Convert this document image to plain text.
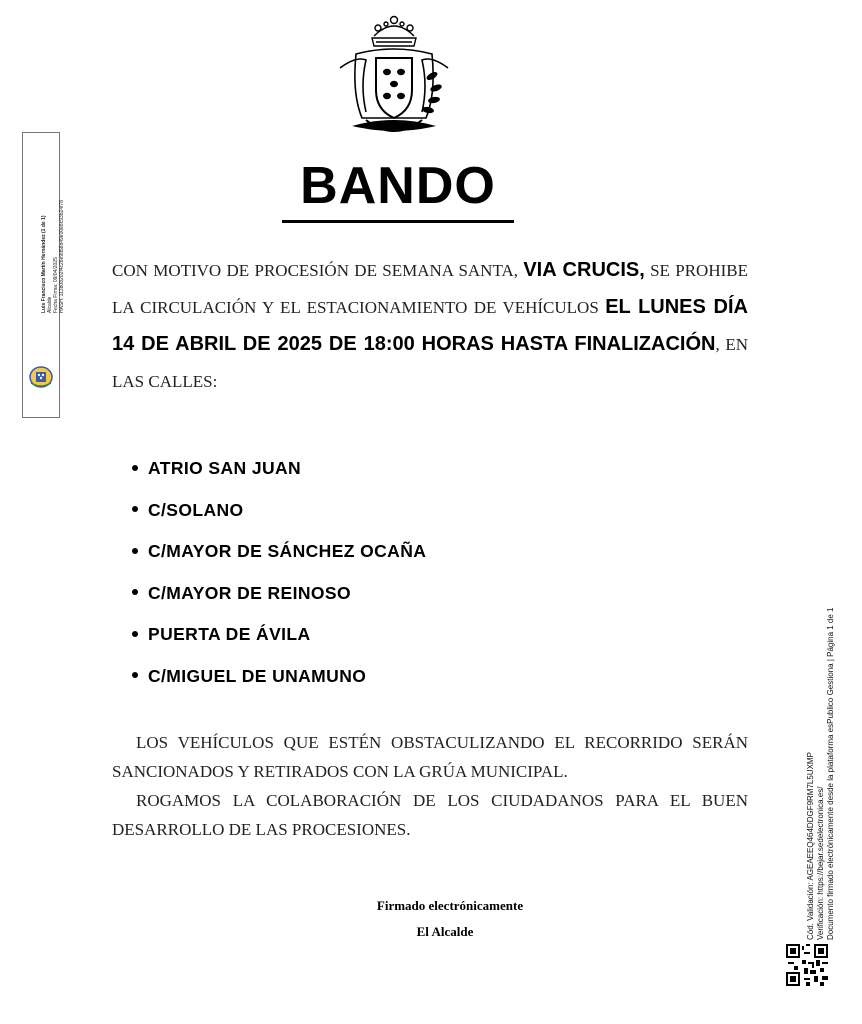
BANDO
CON MOTIVO DE PROCESIÓN DE SEMANA SANTA, VIA CRUCIS, SE PROHIBE LA CIRCULACIÓN Y EL ESTACIONAMIENTO DE VEHÍCULOS EL LUNES DÍA 14 DE ABRIL DE 2025 DE 18:00 HORAS HASTA FINALIZACIÓN, EN LAS CALLES:
ATRIO SAN JUAN
C/SOLANO
C/MAYOR DE SÁNCHEZ OCAÑA
C/MAYOR DE REINOSO
PUERTA DE ÁVILA
C/MIGUEL DE UNAMUNO
LOS VEHÍCULOS QUE ESTÉN OBSTACULIZANDO EL RECORRIDO SERÁN SANCIONADOS Y RETIRADOS CON LA GRÚA MUNICIPAL.
ROGAMOS LA COLABORACIÓN DE LOS CIUDADANOS PARA EL BUEN DESARROLLO DE LAS PROCESIONES.
Firmado electrónicamente
El Alcalde
Luis Francisco Martín Hernández (1 de 1) Alcalde Fecha Firma: 09/04/2025 HASH: 113b08202f4c26e9d58b49e00e8c93b24f78
Cód. Validación: AGEAEEQ464DDGF9RM7L5UXMP Verificación: https://bejar.sedelectronica.es/ Documento firmado electrónicamente desde la plataforma esPublico Gestiona | Página 1 de 1
